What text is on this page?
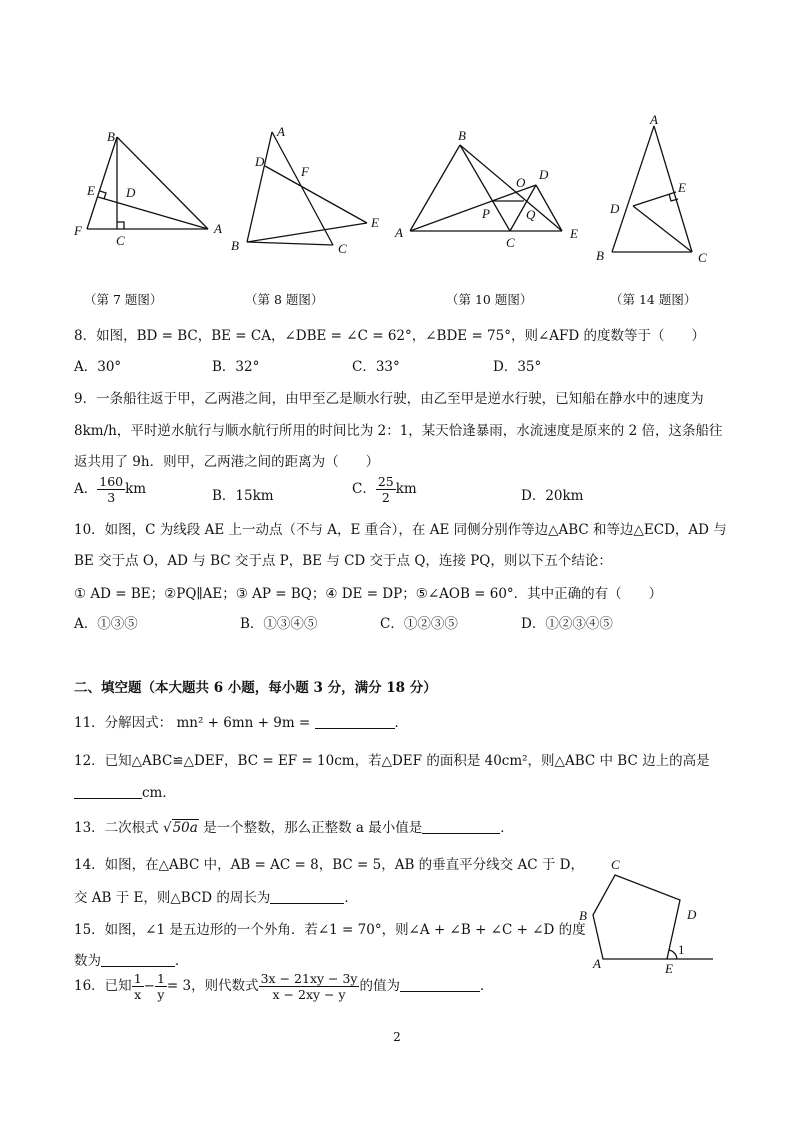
B
E D
F
C
A
（第 7 题图）
A
D
F
E
B	C
（第 8 题图）
B
O
D
P	Q
A
C
E
（第 10 题图）
A
E
D
B	C
（第 14 题图）
C
B	D
A	E
1
8．如图，BD = BC，BE = CA，∠DBE = ∠C = 62°，∠BDE = 75°，则∠AFD 的度数等于（　　）
A．30°	B．32°	C．33°	D．35°
9．一条船往返于甲，乙两港之间，由甲至乙是顺水行驶，由乙至甲是逆水行驶，已知船在静水中的速度为
8km/h，平时逆水航行与顺水航行所用的时间比为 2：1，某天恰逢暴雨，水流速度是原来的 2 倍，这条船往
返共用了 9h．则甲，乙两港之间的距离为（　　）
A． $\frac{160}{3}$ km	B．15km	C． $\frac{25}{2}$ km	D．20km
10．如图，C 为线段 AE 上一动点（不与 A，E 重合），在 AE 同侧分别作等边△ABC 和等边△ECD，AD 与
BE 交于点 O，AD 与 BC 交于点 P，BE 与 CD 交于点 Q，连接 PQ，则以下五个结论：
① AD = BE；②PQ∥AE；③ AP = BQ；④ DE = DP；⑤∠AOB = 60°．其中正确的有（　　）
A．①③⑤	B．①③④⑤	C．①②③⑤	D．①②③④⑤
二、填空题（本大题共 6 小题，每小题 3 分，满分 18 分）
11．分解因式： mn² + 6mn + 9m =	．
12．已知△ABC≌△DEF，BC = EF = 10cm，若△DEF 的面积是 40cm²，则△ABC 中 BC 边上的高是
cm．
13．二次根式 √50a 是一个整数，那么正整数 a 最小值是	．
14．如图，在△ABC 中，AB = AC = 8，BC = 5，AB 的垂直平分线交 AC 于 D，
交 AB 于 E，则△BCD 的周长为	．
15．如图，∠1 是五边形的一个外角．若∠1 = 70°，则∠A + ∠B + ∠C + ∠D 的度
数为	．
16．已知 $\frac{1}{x} - \frac{1}{y} = 3$，则代数式 $\frac{3x - 21xy - 3y}{x - 2xy - y}$ 的值为	．
2
